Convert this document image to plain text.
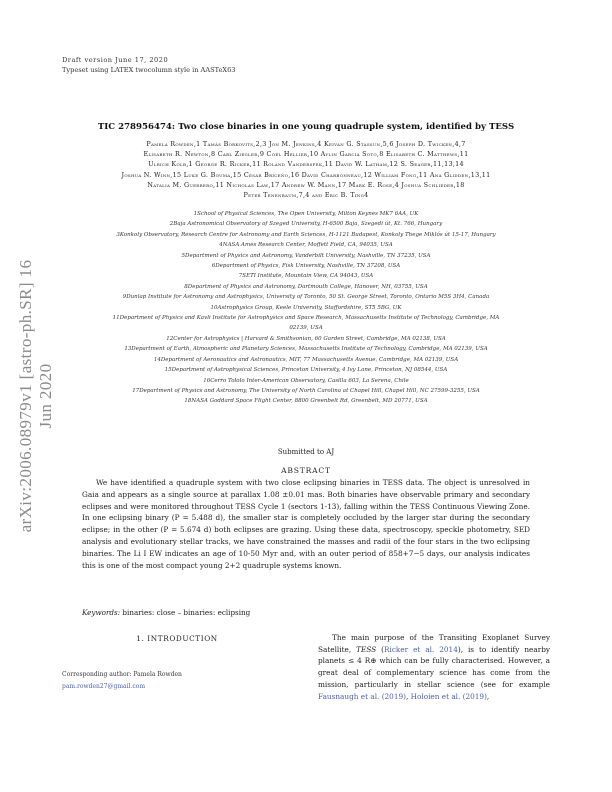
arXiv:2006.08979v1 [astro-ph.SR] 16 Jun 2020
Draft version June 17, 2020
Typeset using LATEX twocolumn style in AASTeX63
TIC 278956474: Two close binaries in one young quadruple system, identified by TESS
Pamela Rowden,1 Tamás Borkovits,2,3 Jon M. Jenkins,4 Keivan G. Stassun,5,6 Joseph D. Twicken,4,7
Elisabeth R. Newton,8 Carl Ziegler,9 Coel Hellier,10 Aylin Garcia Soto,8 Elisabeth C. Matthews,11
Ulrich Kolb,1 George R. Ricker,11 Roland Vanderspek,11 David W. Latham,12 S. Seager,11,13,14
Joshua N. Winn,15 Luke G. Bouma,15 César Briceño,16 David Charbonneau,12 William Fong,11 Ana Glidden,13,11
Natalia M. Guerrero,11 Nicholas Law,17 Andrew W. Mann,17 Mark E. Rose,4 Joshua Schlieder,18
Peter Tenenbaum,7,4 and Eric B. Ting4
1School of Physical Sciences, The Open University, Milton Keynes MK7 6AA, UK
2Baja Astronomical Observatory of Szeged University, H-6500 Baja, Szegedi út, Kt. 766, Hungary
3Konkoly Observatory, Research Centre for Astronomy and Earth Sciences, H-1121 Budapest, Konkoly Thege Miklós út 15-17, Hungary
4NASA Ames Research Center, Moffett Field, CA, 94035, USA
5Department of Physics and Astronomy, Vanderbilt University, Nashville, TN 37235, USA
6Department of Physics, Fisk University, Nashville, TN 37208, USA
7SETI Institute, Mountain View, CA 94043, USA
8Department of Physics and Astronomy, Dartmouth College, Hanover, NH, 03755, USA
9Dunlap Institute for Astronomy and Astrophysics, University of Toronto, 50 St. George Street, Toronto, Ontario M5S 3H4, Canada
10Astrophysics Group, Keele University, Staffordshire, ST5 5BG, UK
11Department of Physics and Kavli Institute for Astrophysics and Space Research, Massachusetts Institute of Technology, Cambridge, MA
02139, USA
12Center for Astrophysics | Harvard & Smithsonian, 60 Garden Street, Cambridge, MA 02138, USA
13Department of Earth, Atmospheric and Planetary Sciences, Massachusetts Institute of Technology, Cambridge, MA 02139, USA
14Department of Aeronautics and Astronautics, MIT, 77 Massachusetts Avenue, Cambridge, MA 02139, USA
15Department of Astrophysical Sciences, Princeton University, 4 Ivy Lane, Princeton, NJ 08544, USA
16Cerro Tololo Inter-American Observatory, Casilla 603, La Serena, Chile
17Department of Physics and Astronomy, The University of North Carolina at Chapel Hill, Chapel Hill, NC 27599-3255, USA
18NASA Goddard Space Flight Center, 8800 Greenbelt Rd, Greenbelt, MD 20771, USA
Submitted to AJ
ABSTRACT
We have identified a quadruple system with two close eclipsing binaries in TESS data. The object is unresolved in Gaia and appears as a single source at parallax 1.08 ±0.01 mas. Both binaries have observable primary and secondary eclipses and were monitored throughout TESS Cycle 1 (sectors 1-13), falling within the TESS Continuous Viewing Zone. In one eclipsing binary (P = 5.488 d), the smaller star is completely occluded by the larger star during the secondary eclipse; in the other (P = 5.674 d) both eclipses are grazing. Using these data, spectroscopy, speckle photometry, SED analysis and evolutionary stellar tracks, we have constrained the masses and radii of the four stars in the two eclipsing binaries. The Li I EW indicates an age of 10-50 Myr and, with an outer period of 858+7−5 days, our analysis indicates this is one of the most compact young 2+2 quadruple systems known.
Keywords: binaries: close – binaries: eclipsing
1. INTRODUCTION
Corresponding author: Pamela Rowden
pam.rowden27@gmail.com
The main purpose of the Transiting Exoplanet Survey Satellite, TESS (Ricker et al. 2014), is to identify nearby planets ≤ 4 R⊕ which can be fully characterised. However, a great deal of complementary science has come from the mission, particularly in stellar science (see for example Fausnaugh et al. (2019), Holoien et al. (2019),
